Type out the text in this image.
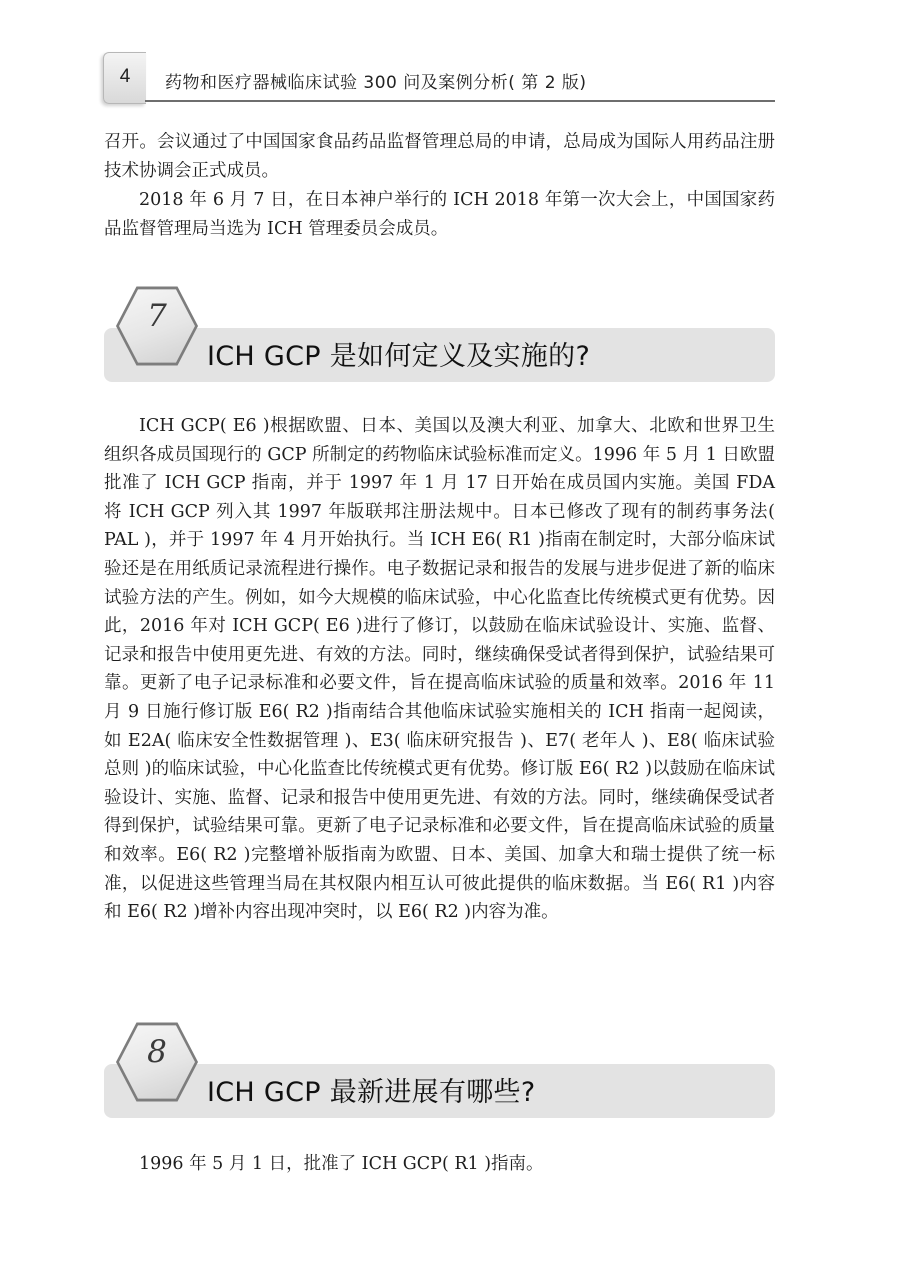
4	药物和医疗器械临床试验 300 问及案例分析( 第 2 版)

召开。会议通过了中国国家食品药品监督管理总局的申请，总局成为国际人用药品注册技术协调会正式成员。

2018 年 6 月 7 日，在日本神户举行的 ICH 2018 年第一次大会上，中国国家药品监督管理局当选为 ICH 管理委员会成员。

7
ICH GCP 是如何定义及实施的?

ICH GCP( E6 )根据欧盟、日本、美国以及澳大利亚、加拿大、北欧和世界卫生组织各成员国现行的 GCP 所制定的药物临床试验标准而定义。1996 年 5 月 1 日欧盟批准了 ICH GCP 指南，并于 1997 年 1 月 17 日开始在成员国内实施。美国 FDA 将 ICH GCP 列入其 1997 年版联邦注册法规中。日本已修改了现有的制药事务法( PAL )，并于 1997 年 4 月开始执行。当 ICH E6( R1 )指南在制定时，大部分临床试验还是在用纸质记录流程进行操作。电子数据记录和报告的发展与进步促进了新的临床试验方法的产生。例如，如今大规模的临床试验，中心化监查比传统模式更有优势。因此，2016 年对 ICH GCP( E6 )进行了修订，以鼓励在临床试验设计、实施、监督、记录和报告中使用更先进、有效的方法。同时，继续确保受试者得到保护，试验结果可靠。更新了电子记录标准和必要文件，旨在提高临床试验的质量和效率。2016 年 11 月 9 日施行修订版 E6( R2 )指南结合其他临床试验实施相关的 ICH 指南一起阅读，如 E2A( 临床安全性数据管理 )、E3( 临床研究报告 )、E7( 老年人 )、E8( 临床试验总则 )的临床试验，中心化监查比传统模式更有优势。修订版 E6( R2 )以鼓励在临床试验设计、实施、监督、记录和报告中使用更先进、有效的方法。同时，继续确保受试者得到保护，试验结果可靠。更新了电子记录标准和必要文件，旨在提高临床试验的质量和效率。E6( R2 )完整增补版指南为欧盟、日本、美国、加拿大和瑞士提供了统一标准，以促进这些管理当局在其权限内相互认可彼此提供的临床数据。当 E6( R1 )内容和 E6( R2 )增补内容出现冲突时，以 E6( R2 )内容为准。

8
ICH GCP 最新进展有哪些?

1996 年 5 月 1 日，批准了 ICH GCP( R1 )指南。
